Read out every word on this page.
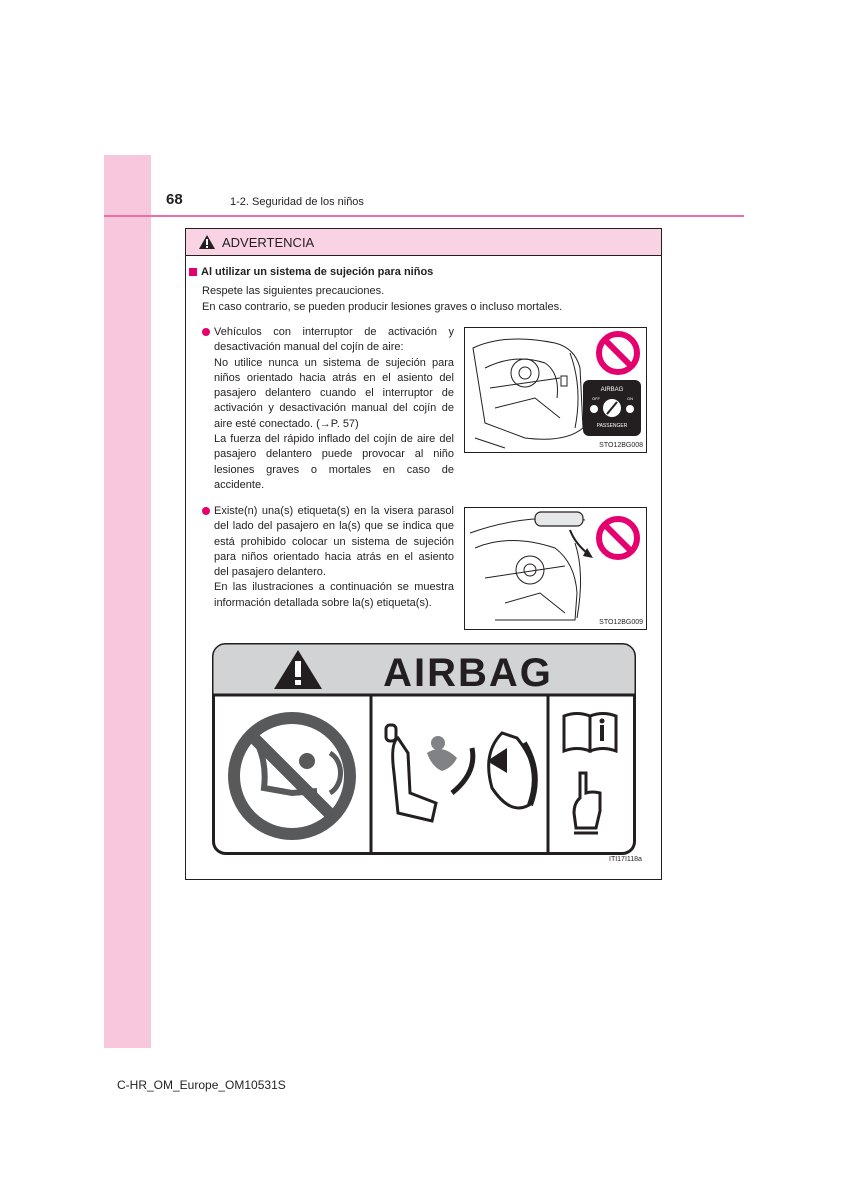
68	1-2. Seguridad de los niños
ADVERTENCIA
Al utilizar un sistema de sujeción para niños
Respete las siguientes precauciones.
En caso contrario, se pueden producir lesiones graves o incluso mortales.

Vehículos con interruptor de activación y desactivación manual del cojín de aire:

No utilice nunca un sistema de sujeción para niños orientado hacia atrás en el asiento del pasajero delantero cuando el interruptor de activación y desactivación manual del cojín de aire esté conectado. (→P. 57)

La fuerza del rápido inflado del cojín de aire del pasajero delantero puede provocar al niño lesiones graves o mortales en caso de accidente.

AIRBAG
OFF	ON
PASSENGER
STO12BG008

Existe(n) una(s) etiqueta(s) en la visera parasol del lado del pasajero en la(s) que se indica que está prohibido colocar un sistema de sujeción para niños orientado hacia atrás en el asiento del pasajero delantero.

En las ilustraciones a continuación se muestra información detallada sobre la(s) etiqueta(s).

STO12BG009
AIRBAG
ITI17I118a
C-HR_OM_Europe_OM10531S
